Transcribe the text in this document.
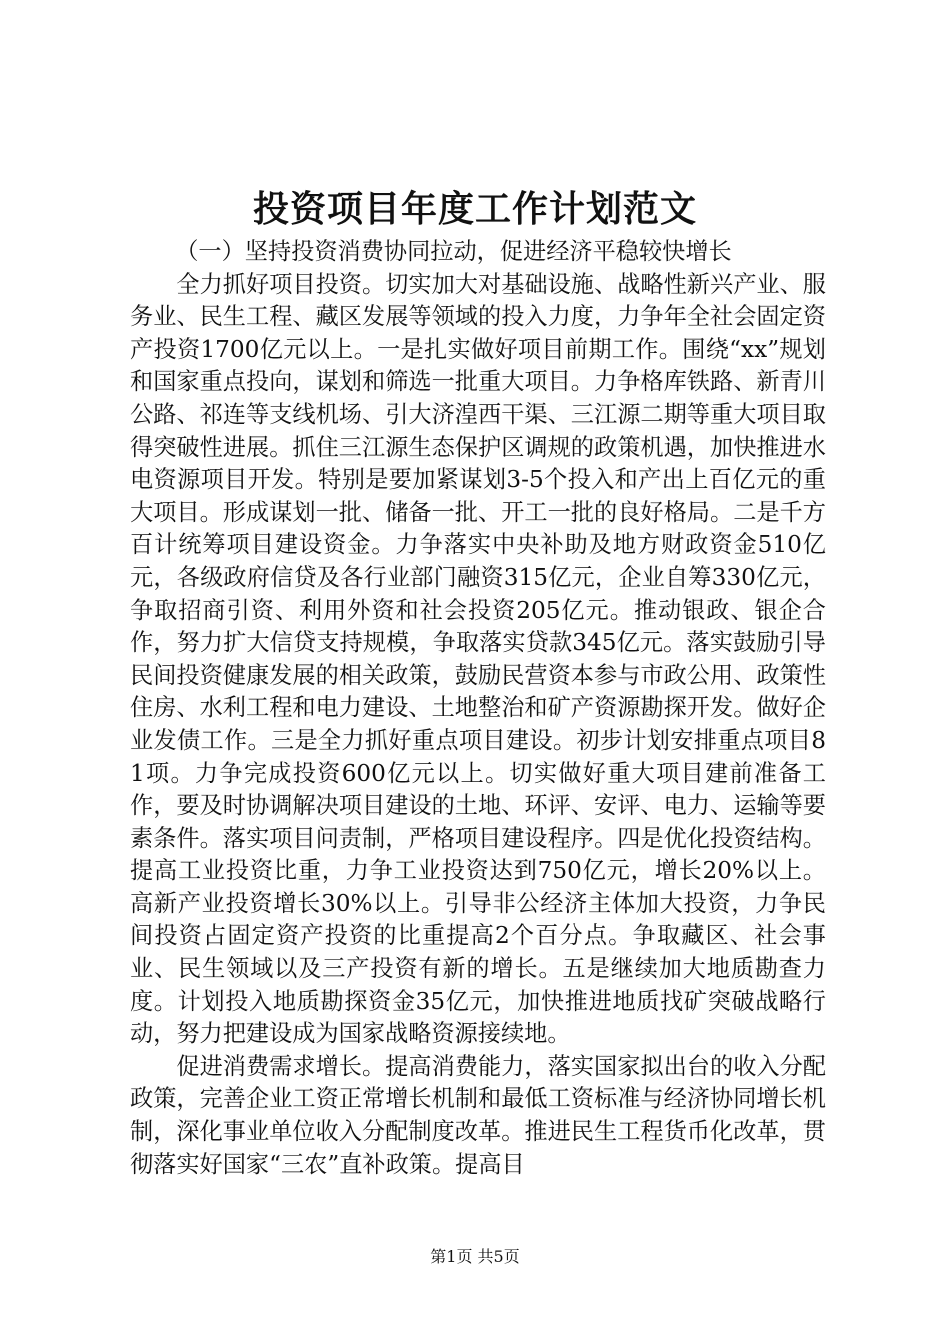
投资项目年度工作计划范文

（一）坚持投资消费协同拉动，促进经济平稳较快增长

全力抓好项目投资。切实加大对基础设施、战略性新兴产业、服务业、民生工程、藏区发展等领域的投入力度，力争年全社会固定资产投资1700亿元以上。一是扎实做好项目前期工作。围绕“xx”规划和国家重点投向，谋划和筛选一批重大项目。力争格库铁路、新青川公路、祁连等支线机场、引大济湟西干渠、三江源二期等重大项目取得突破性进展。抓住三江源生态保护区调规的政策机遇，加快推进水电资源项目开发。特别是要加紧谋划3-5个投入和产出上百亿元的重大项目。形成谋划一批、储备一批、开工一批的良好格局。二是千方百计统筹项目建设资金。力争落实中央补助及地方财政资金510亿元，各级政府信贷及各行业部门融资315亿元，企业自筹330亿元，争取招商引资、利用外资和社会投资205亿元。推动银政、银企合作，努力扩大信贷支持规模，争取落实贷款345亿元。落实鼓励引导民间投资健康发展的相关政策，鼓励民营资本参与市政公用、政策性住房、水利工程和电力建设、土地整治和矿产资源勘探开发。做好企业发债工作。三是全力抓好重点项目建设。初步计划安排重点项目81项。力争完成投资600亿元以上。切实做好重大项目建前准备工作，要及时协调解决项目建设的土地、环评、安评、电力、运输等要素条件。落实项目问责制，严格项目建设程序。四是优化投资结构。提高工业投资比重，力争工业投资达到750亿元，增长20%以上。高新产业投资增长30%以上。引导非公经济主体加大投资，力争民间投资占固定资产投资的比重提高2个百分点。争取藏区、社会事业、民生领域以及三产投资有新的增长。五是继续加大地质勘查力度。计划投入地质勘探资金35亿元，加快推进地质找矿突破战略行动，努力把建设成为国家战略资源接续地。

促进消费需求增长。提高消费能力，落实国家拟出台的收入分配政策，完善企业工资正常增长机制和最低工资标准与经济协同增长机制，深化事业单位收入分配制度改革。推进民生工程货币化改革，贯彻落实好国家“三农”直补政策。提高目

第1页 共5页
